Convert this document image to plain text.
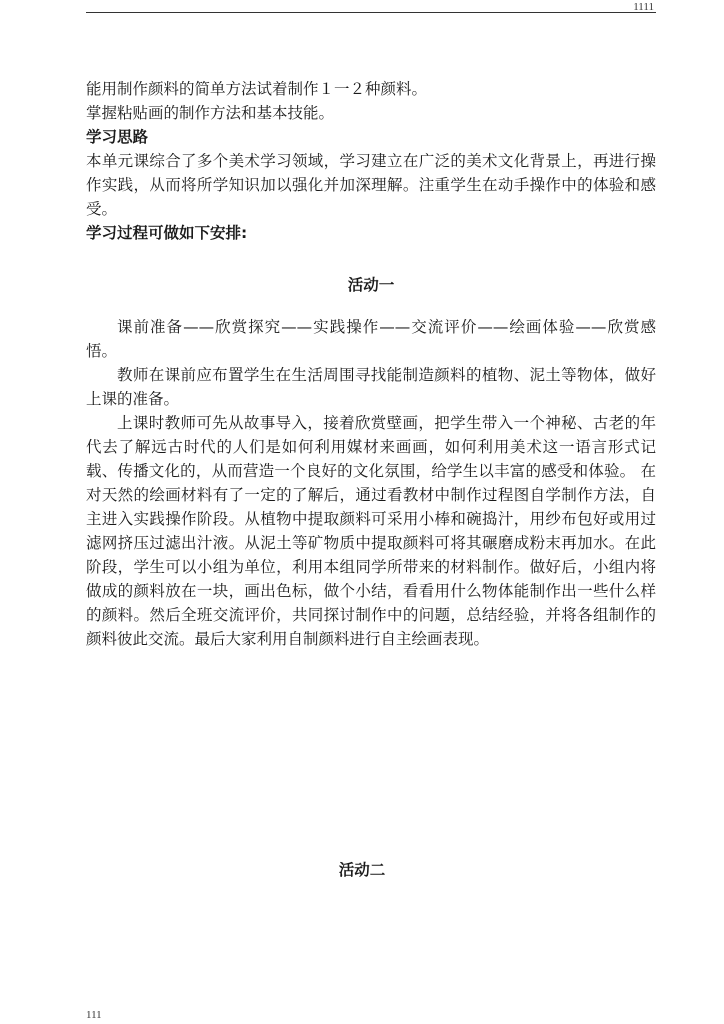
1111

能用制作颜料的简单方法试着制作１一２种颜料。

掌握粘贴画的制作方法和基本技能。

学习思路

本单元课综合了多个美术学习领域，学习建立在广泛的美术文化背景上，再进行操作实践，从而将所学知识加以强化并加深理解。注重学生在动手操作中的体验和感受。

学习过程可做如下安排:

活动一

课前准备——欣赏探究——实践操作——交流评价——绘画体验——欣赏感悟。

教师在课前应布置学生在生活周围寻找能制造颜料的植物、泥土等物体，做好上课的准备。

上课时教师可先从故事导入，接着欣赏壁画，把学生带入一个神秘、古老的年代去了解远古时代的人们是如何利用媒材来画画，如何利用美术这一语言形式记载、传播文化的，从而营造一个良好的文化氛围，给学生以丰富的感受和体验。 在对天然的绘画材料有了一定的了解后，通过看教材中制作过程图自学制作方法，自主进入实践操作阶段。从植物中提取颜料可采用小棒和碗捣汁，用纱布包好或用过滤网挤压过滤出汁液。从泥土等矿物质中提取颜料可将其碾磨成粉末再加水。在此阶段，学生可以小组为单位，利用本组同学所带来的材料制作。做好后，小组内将做成的颜料放在一块，画出色标，做个小结，看看用什么物体能制作出一些什么样的颜料。然后全班交流评价，共同探讨制作中的问题，总结经验，并将各组制作的颜料彼此交流。最后大家利用自制颜料进行自主绘画表现。

活动二
111
